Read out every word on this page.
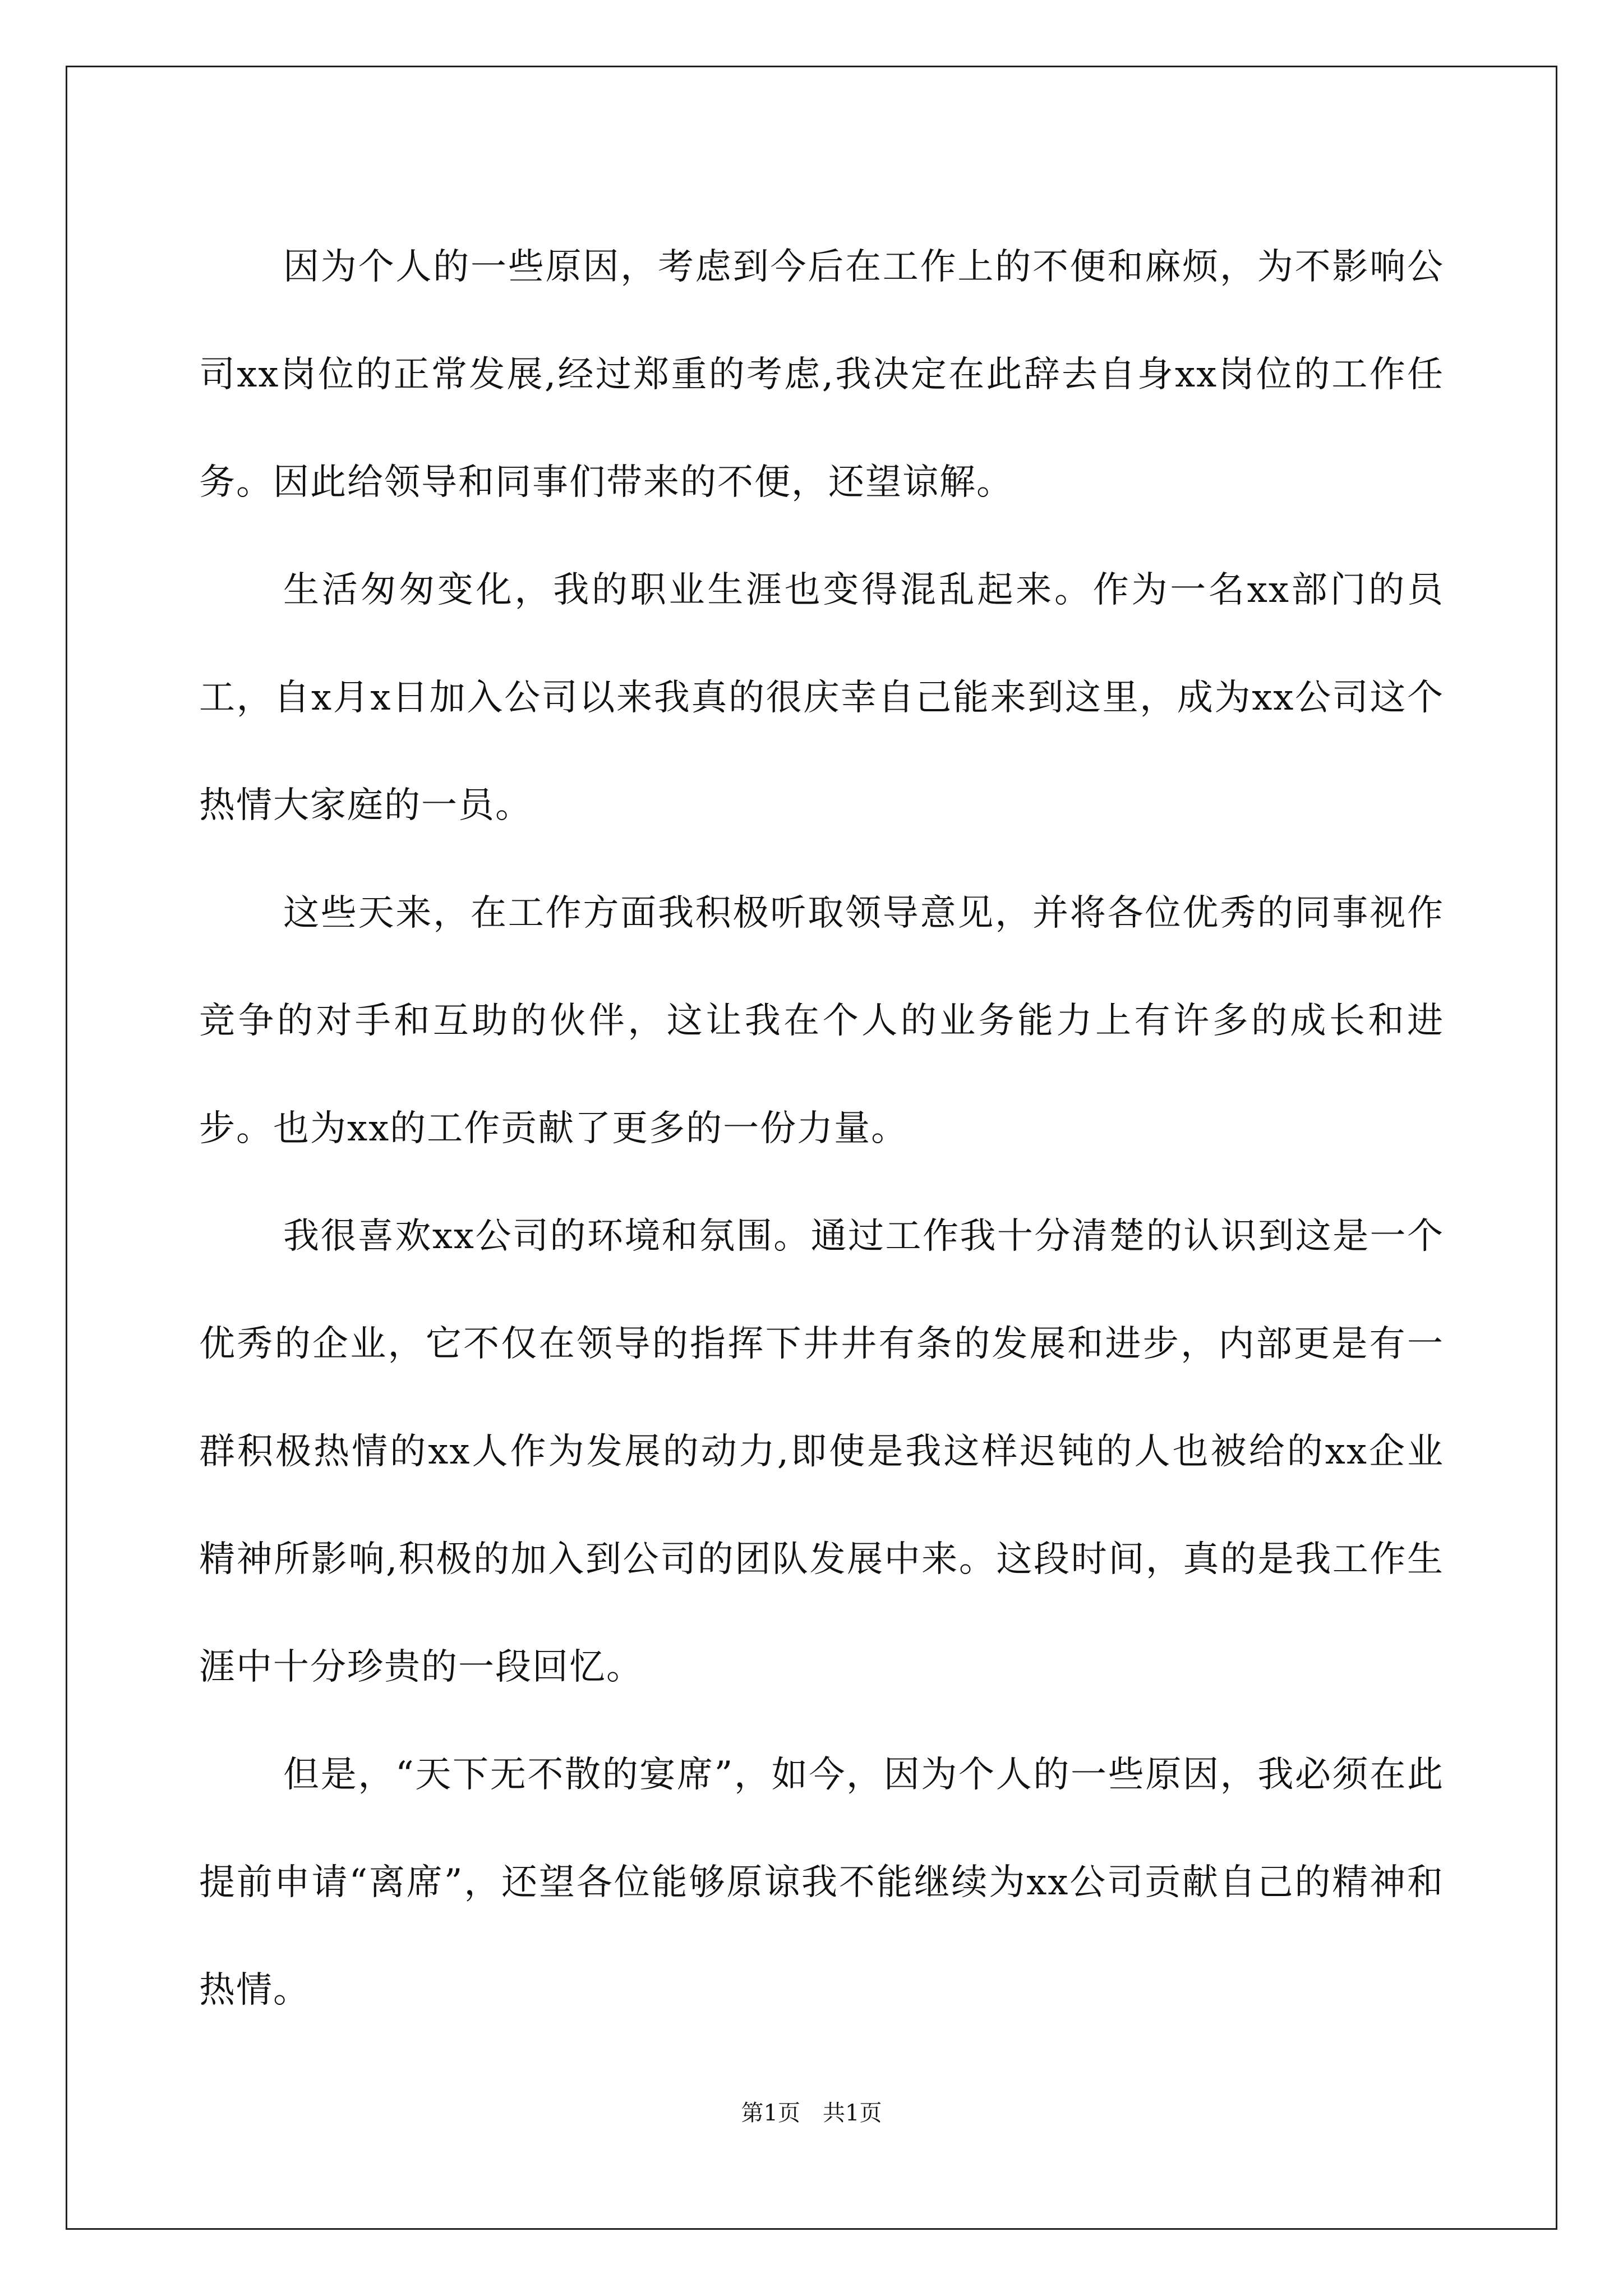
因为个人的一些原因，考虑到今后在工作上的不便和麻烦，为不影响公司xx岗位的正常发展,经过郑重的考虑,我决定在此辞去自身xx岗位的工作任务。因此给领导和同事们带来的不便，还望谅解。

生活匆匆变化，我的职业生涯也变得混乱起来。作为一名xx部门的员工，自x月x日加入公司以来我真的很庆幸自己能来到这里，成为xx公司这个热情大家庭的一员。

这些天来，在工作方面我积极听取领导意见，并将各位优秀的同事视作竞争的对手和互助的伙伴，这让我在个人的业务能力上有许多的成长和进步。也为xx的工作贡献了更多的一份力量。

我很喜欢xx公司的环境和氛围。通过工作我十分清楚的认识到这是一个优秀的企业，它不仅在领导的指挥下井井有条的发展和进步，内部更是有一群积极热情的xx人作为发展的动力,即使是我这样迟钝的人也被给的xx企业精神所影响,积极的加入到公司的团队发展中来。这段时间，真的是我工作生涯中十分珍贵的一段回忆。

但是，“天下无不散的宴席”，如今，因为个人的一些原因，我必须在此提前申请“离席”，还望各位能够原谅我不能继续为xx公司贡献自己的精神和热情。

第1页　共1页
